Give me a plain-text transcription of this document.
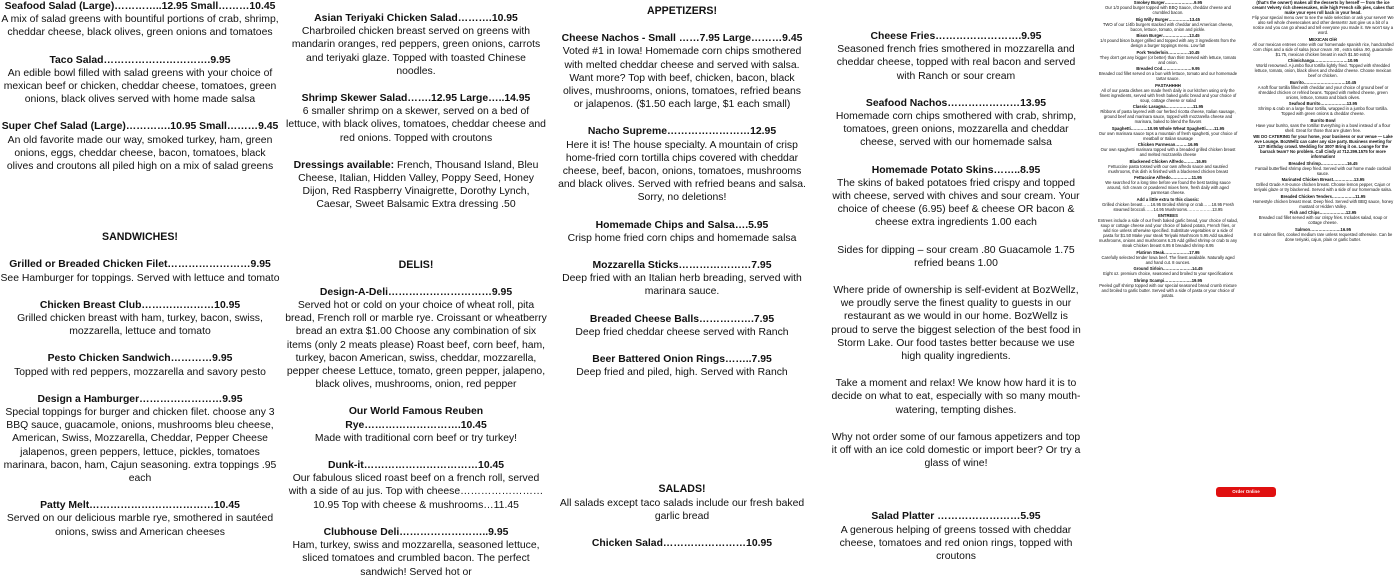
Seafood Salad (Large)…………..12.95 Small………10.45

A mix of salad greens with bountiful portions of crab, shrimp, cheddar cheese, black olives, green onions and tomatoes

Taco Salad………………………….9.95

An edible bowl filled with salad greens with your choice of mexican beef or chicken, cheddar cheese, tomatoes, green onions, black olives served with home made salsa

Super Chef Salad (Large)………….10.95 Small………9.45

An old favorite made our way, smoked turkey, ham, green onions, eggs, cheddar cheese, bacon, tomatoes, black olives and croutons all piled high on a mix of salad greens

SANDWICHES!
Grilled or Breaded Chicken Filet……………………9.95

See Hamburger for toppings. Served with lettuce and tomato

Chicken Breast Club…………………10.95

Grilled chicken breast with ham, turkey, bacon, swiss, mozzarella, lettuce and tomato

Pesto Chicken Sandwich…………9.95

Topped with red peppers, mozzarella and savory pesto

Design a Hamburger……………………9.95

Special toppings for burger and chicken filet. choose any 3 BBQ sauce, guacamole, onions, mushrooms bleu cheese, American, Swiss, Mozzarella, Cheddar, Pepper Cheese jalapenos, green peppers, lettuce, pickles, tomatoes marinara, bacon, ham, Cajun seasoning. extra toppings .95 each

Patty Melt………………………………10.45

Served on our delicious marble rye, smothered in sautéed onions, swiss and American cheeses

Asian Teriyaki Chicken Salad……….10.95

Charbroiled chicken breast served on greens with mandarin oranges, red peppers, green onions, carrots and teriyaki glaze. Topped with toasted Chinese noodles.

Shrimp Skewer Salad…….12.95 Large…..14.95

6 smaller shrimp on a skewer, served on a bed of lettuce, with black olives, tomatoes, cheddar cheese and red onions. Topped with croutons

Dressings available: French, Thousand Island, Bleu Cheese, Italian, Hidden Valley, Poppy Seed, Honey Dijon, Red Raspberry Vinaigrette, Dorothy Lynch, Caesar, Sweet Balsamic Extra dressing .50

DELIS!
Design-A-Deli…………………………9.95

Served hot or cold on your choice of wheat roll, pita bread, French roll or marble rye. Croissant or wheatberry bread an extra $1.00 Choose any combination of six items (only 2 meats please) Roast beef, corn beef, ham, turkey, bacon American, swiss, cheddar, mozzarella, pepper cheese Lettuce, tomato, green pepper, jalapeno, black olives, mushrooms, onion, red pepper

Our World Famous Reuben Rye……………………….10.45

Made with traditional corn beef or try turkey!

Dunk-it……………………………10.45

Our fabulous sliced roast beef on a french roll, served with a side of au jus. Top with cheese……………………10.95 Top with cheese & mushrooms…11.45

Clubhouse Deli……………………..9.95

Ham, turkey, swiss and mozzarella, seasoned lettuce, sliced tomatoes and crumbled bacon. The perfect sandwich! Served hot or

APPETIZERS!
Cheese Nachos - Small ……7.95 Large………9.45

Voted #1 in Iowa! Homemade corn chips smothered with melted cheddar cheese and served with salsa. Want more? Top with beef, chicken, bacon, black olives, mushrooms, onions, tomatoes, refried beans or jalapenos. ($1.50 each large, $1 each small)

Nacho Supreme……………………12.95

Here it is! The house specialty. A mountain of crisp home-fried corn tortilla chips covered with cheddar cheese, beef, bacon, onions, tomatoes, mushrooms and black olives. Served with refried beans and salsa. Sorry, no deletions!

Homemade Chips and Salsa….5.95

Crisp home fried corn chips and homemade salsa

Mozzarella Sticks…………………7.95

Deep fried with an Italian herb breading, served with marinara sauce.

Breaded Cheese Balls…………….7.95

Deep fried cheddar cheese served with Ranch

Beer Battered Onion Rings……..7.95

Deep fried and piled, high. Served with Ranch

SALADS!

All salads except taco salads include our fresh baked garlic bread

Chicken Salad……………………10.95
Cheese Fries…………………….9.95

Seasoned french fries smothered in mozzarella and cheddar cheese, topped with real bacon and served with Ranch or sour cream

Seafood Nachos…………………13.95

Homemade corn chips smothered with crab, shrimp, tomatoes, green onions, mozzarella and cheddar cheese, served with our homemade salsa

Homemade Potato Skins……..8.95

The skins of baked potatoes fried crispy and topped with cheese, served with chives and sour cream. Your choice of cheese (6.95) beef & cheese OR bacon & cheese extra ingredients 1.00 each

Sides for dipping – sour cream .80 Guacamole 1.75 refried beans 1.00

Where pride of ownership is self-evident at BozWellz, we proudly serve the finest quality to guests in our restaurant as we would in our home. BozWellz is proud to serve the biggest selection of the best food in Storm Lake. Our food tastes better because we use high quality ingredients.

Take a moment and relax! We know how hard it is to decide on what to eat, especially with so many mouth-watering, tempting dishes.

Why not order some of our famous appetizers and top it off with an ice cold domestic or import beer? Or try a glass of wine!

Salad Platter ……………………5.95

A generous helping of greens tossed with cheddar cheese, tomatoes and red onion rings, topped with croutons

Smokey Burger…………………9.95
Our 1/3 pound burger topped with BBQ Sauce, cheddar cheese and crumbled bacon.

Big Willy Burger……………13.45
TWO of our 1/4lb burgers stacked with cheddar and American cheese, bacon, lettuce, tomato, onion and pickle.

Bison Burger……………….13.45
1/4 pound bison burger grilled and topped with any 3 ingredients from the design a burger toppings menu. Low fat!

Pork Tenderloin……………10.45
They don't get any bigger (or better) than this! Served with lettuce, tomato and onion.

Breaded Cod…………………9.95
Breaded cod fillet served on a bun with lettuce, tomato and our homemade tartar sauce.

PASTAHHHH
All of our pasta dishes are made fresh daily in our kitchen using only the finest ingredients, served with fresh baked garlic bread and your choice of soup, cottage cheese or salad

Classic Lasagna………………..11.95
Ribbons of pasta layered with our herbed ricotta cheese, Italian sausage, ground beef and marinara sauce, topped with mozzarella cheese and marinara, baked to blend the flavors

Spaghetti…………10.95 Whole Wheat Spaghetti……11.95
Our own marinara sauce tops a mountain of fresh spaghetti, your choice of meatball or Italian sausage

Chicken Parmesan………16.95
Our own spaghetti marinara topped with a breaded grilled chicken breast and melted mozzarella cheese

Blackened Chicken Alfredo………16.95
Fettuccine pasta tossed with our own alfredo sauce and sautéed mushrooms, this dish is finished with a blackened chicken breast

Fettuccine Alfredo……………11.95
We searched for a long time before we found the best tasting sauce around, rich cream or powdered mixes here, fresh daily with aged parmesan cheese.

Add a little extra to this classic:
Grilled chicken breast……16.95 Broiled shrimp or crab……18.95 Fresh steamed broccoli……14.95 Mushrooms………………13.95

ENTREES
Entrees include a side of our fresh baked garlic bread, your choice of salad, soup or cottage cheese and your choice of baked potato, French fries, or wild rice unless otherwise specified. Substitute vegetables or a side of pasta for $1.50 Make your steak Teriyaki Mushroom 5.95 Add sautéed mushrooms, onions and mushrooms 6.25 Add grilled shrimp or crab to any steak Chicken breast 6.95 8 breaded shrimp 8.95

Flatiron Steak………………17.95
Carefully selected tender lowa beef. The finest available. Naturally aged and hand cut. 8 ounces.

Ground Sirloin…………………14.45
Eight oz. premium choice, seasoned and broiled to your specifications

Shrimp Scampi………………..19.95
Peeled gulf shrimp topped with our special seasoned bread crumb mixture and broiled to garlic butter. Served with a side of pasta or your choice of potato.

(that's the owner!) makes all the desserts by herself — from the ice cream! Velvety rich cheesecakes, mile high French silk pies, cakes that make your eyes roll back in your head.
Flip your special menu over to see the wide selection or ask your server! We also sell whole cheesecakes and other desserts! Just give us a bit of a notice and you can go ahead and tell everyone you made it. We won't say a word.

MEXICAN Olé!
All our mexican entrees come with our homemade spanish rice, handcrafted corn chips and a side of salsa (sour cream .90 , extra salsa .90, guacamole $1.75, mexican chicken breast in each $1.50 extra)

Chimichanga……………………10.95
World renowned. A jumbo flour tortilla lightly fried. Topped with shredded lettuce, tomato, onion, black olives and cheddar cheese. Choose mexican beef or chicken.

Burrito…………………………10.45
A soft flour tortilla filled with cheddar and your choice of ground beef or shredded chicken or refried beans. Topped with melted cheese, green onions, lettuce, tomato and black olives.

Seafood Burrito……………….13.95
Shrimp & crab on a large flour tortilla, wrapped in a jumbo flour tortilla. Topped with green onions & cheddar cheese.

Burrito Bowl
Have your burrito, sans the tortilla! Everything in a bowl instead of a flour shell. Great for those that are gluten free.

WE DO CATERING for your home, your business or our venue — Lake Ave Lounge. BozWellz can cater any size party. Business meeting for 12? Birthday crowd. Wedding for 300? Bring it on. Lounge for the barrack team? No problem. Call Cindy at 712.299.1575 for more information!

Breaded Shrimp……………….16.45
Fantail butterflied shrimp deep fried. Served with our home made cocktail sauce.

Marinated Chicken Breast……………13.95
Grilled Grade A 8-ounce chicken breast. Choose lemon pepper, Cajun or teriyaki glaze or try blackened. Served with a side of our homemade salsa.

Breaded Chicken Tenders……………..11.95
Homestyle chicken breast meat. Deep fried. Served with BBQ sauce, honey mustard or Hidden Valley.

Fish and Chips……………….12.95
Breaded cod fillet served with our crispy fries. Includes salad, soup or cottage cheese.

Salmon………………….16.95
8 oz salmon filet, cooked medium rare unless requested otherwise. Can be done teriyaki, cajun, plain or garlic butter.

Order Online
